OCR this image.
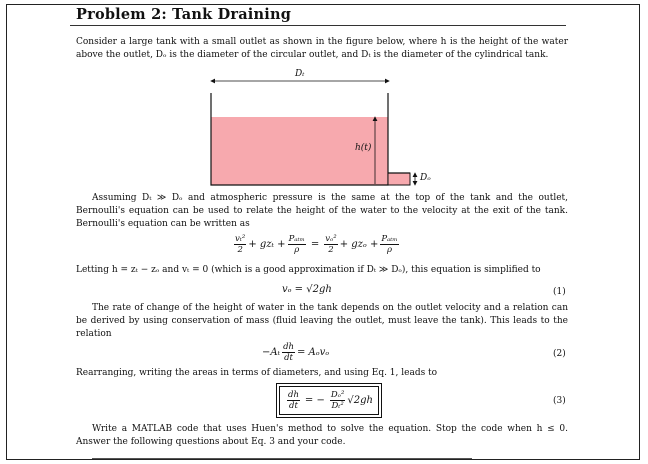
Problem 2: Tank Draining
Consider a large tank with a small outlet as shown in the figure below, where h is the height of the water above the outlet, Dₒ is the diameter of the circular outlet, and Dₜ is the diameter of the cylindrical tank.
Dₜ
h(t)
Dₒ
Assuming Dₜ ≫ Dₒ and atmospheric pressure is the same at the top of the tank and the outlet, Bernoulli's equation can be used to relate the height of the water to the velocity at the exit of the tank. Bernoulli's equation can be written as
$\frac{\text{vₜ²}}{2} + gz_t + \frac{\text{Pₐₜₘ}}{\rho} = \frac{\text{vₒ²}}{2} + gz_o + \frac{\text{Pₐₜₘ}}{\rho}$
Letting h = zₜ − zₒ and vₜ = 0 (which is a good approximation if Dₜ ≫ Dₒ), this equation is simplified to
vₒ = √2gh	(1)
The rate of change of the height of water in the tank depends on the outlet velocity and a relation can be derived by using conservation of mass (fluid leaving the outlet, must leave the tank). This leads to the relation
$-A_t \frac{dh}{dt} = A_ov_o$	(2)
Rearranging, writing the areas in terms of diameters, and using Eq. 1, leads to
$\frac{dh}{dt}$ = − $\frac{\text{Dₒ²}}{\text{Dₜ²}} √2gh$	(3)
Write a MATLAB code that uses Huen's method to solve the equation. Stop the code when h ≤ 0. Answer the following questions about Eq. 3 and your code.
